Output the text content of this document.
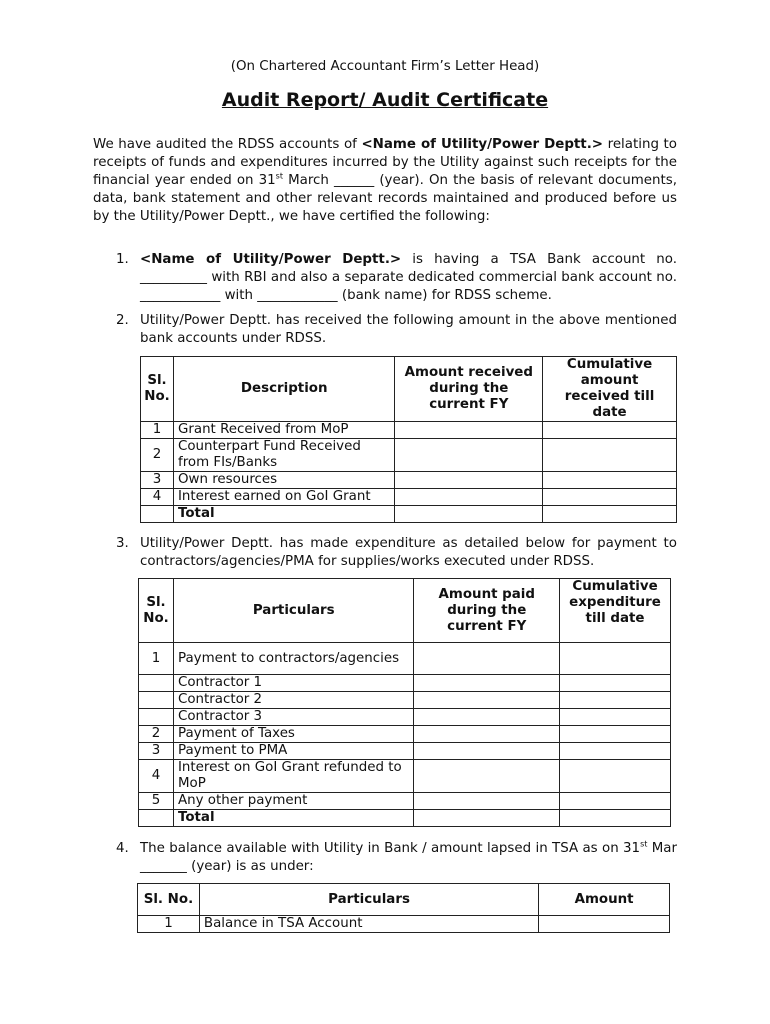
(On Chartered Accountant Firm’s Letter Head)
Audit Report/ Audit Certificate

We have audited the RDSS accounts of <Name of Utility/Power Deptt.> relating to receipts of funds and expenditures incurred by the Utility against such receipts for the financial year ended on 31st March ______ (year). On the basis of relevant documents, data, bank statement and other relevant records maintained and produced before us by the Utility/Power Deptt., we have certified the following:

1. <Name of Utility/Power Deptt.> is having a TSA Bank account no. __________ with RBI and also a separate dedicated commercial bank account no. ____________ with ____________ (bank name) for RDSS scheme.
2. Utility/Power Deptt. has received the following amount in the above mentioned bank accounts under RDSS.
Sl. No.	Description	Amount received during the current FY	Cumulative amount received till date
1	Grant Received from MoP		
2	Counterpart Fund Received from FIs/Banks		
3	Own resources		
4	Interest earned on GoI Grant		
	Total		
3. Utility/Power Deptt. has made expenditure as detailed below for payment to contractors/agencies/PMA for supplies/works executed under RDSS.
Sl. No.	Particulars	Amount paid during the current FY	Cumulative expenditure till date
1	Payment to contractors/agencies		
	Contractor 1		
	Contractor 2		
	Contractor 3		
2	Payment of Taxes		
3	Payment to PMA		
4	Interest on GoI Grant refunded to MoP		
5	Any other payment		
	Total		
4. The balance available with Utility in Bank / amount lapsed in TSA as on 31st Mar _______ (year) is as under:
Sl. No.	Particulars	Amount
1	Balance in TSA Account	
